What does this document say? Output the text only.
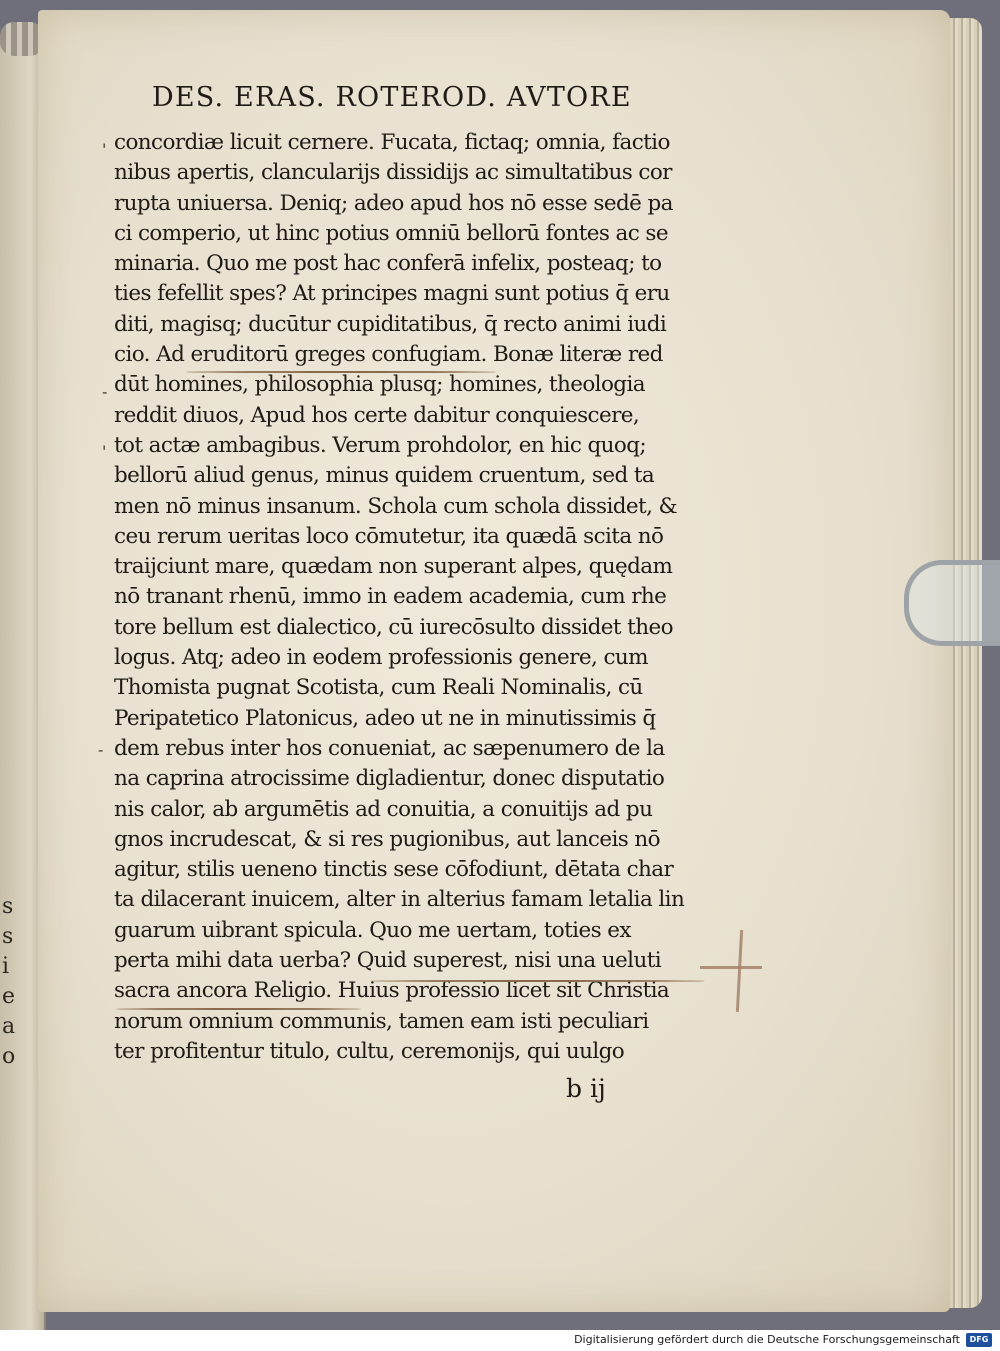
s
s
i
e
a
o
DES. ERAS. ROTEROD. AVTORE
concordiæ licuit cernere. Fucata, fictaq; omnia, factio
nibus apertis, clancularijs dissidijs ac simultatibus cor
rupta uniuersa. Deniq; adeo apud hos nō esse sedē pa
ci comperio, ut hinc potius omniū bellorū fontes ac se
minaria. Quo me post hac conferā infelix, posteaq; to
ties fefellit spes? At principes magni sunt potius q̄ eru
diti, magisq; ducūtur cupiditatibus, q̄ recto animi iudi
cio. Ad eruditorū greges confugiam. Bonæ literæ red
dūt homines, philosophia plusq; homines, theologia
reddit diuos, Apud hos certe dabitur conquiescere,
tot actæ ambagibus. Verum prohdolor, en hic quoq;
bellorū aliud genus, minus quidem cruentum, sed ta
men nō minus insanum. Schola cum schola dissidet, &
ceu rerum ueritas loco cōmutetur, ita quædā scita nō
traijciunt mare, quædam non superant alpes, quędam
nō tranant rhenū, immo in eadem academia, cum rhe
tore bellum est dialectico, cū iurecōsulto dissidet theo
logus. Atq; adeo in eodem professionis genere, cum
Thomista pugnat Scotista, cum Reali Nominalis, cū
Peripatetico Platonicus, adeo ut ne in minutissimis q̄
dem rebus inter hos conueniat, ac sæpenumero de la
na caprina atrocissime digladientur, donec disputatio
nis calor, ab argumētis ad conuitia, a conuitijs ad pu
gnos incrudescat, & si res pugionibus, aut lanceis nō
agitur, stilis ueneno tinctis sese cōfodiunt, dētata char
ta dilacerant inuicem, alter in alterius famam letalia lin
guarum uibrant spicula. Quo me uertam, toties ex
perta mihi data uerba? Quid superest, nisi una ueluti
sacra ancora Religio. Huius professio licet sit Christia
norum omnium communis, tamen eam isti peculiari
ter profitentur titulo, cultu, ceremonijs, qui uulgo
'
-
'
-
b ij
Digitalisierung gefördert durch die Deutsche Forschungsgemeinschaft	DFG
